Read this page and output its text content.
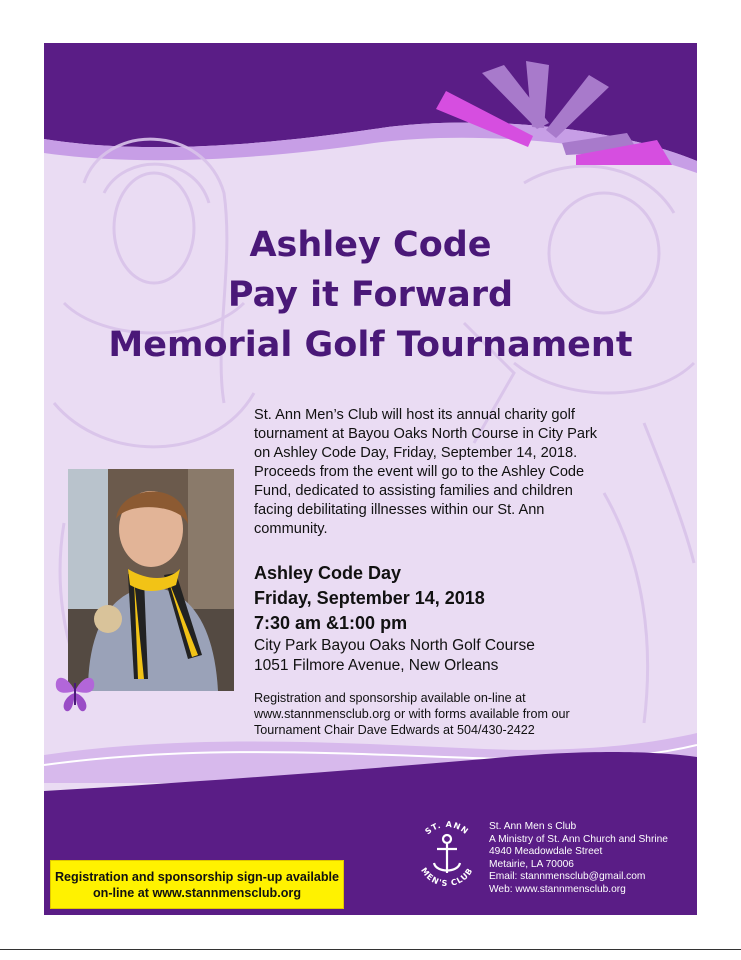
Ashley Code
Pay it Forward
Memorial Golf Tournament
St. Ann Men’s Club will host its annual charity golf
tournament at Bayou Oaks North Course in City Park
on Ashley Code Day, Friday, September 14, 2018.
Proceeds from the event will go to the Ashley Code
Fund, dedicated to assisting families and children
facing debilitating illnesses within our St. Ann
community.
Ashley Code Day
Friday, September 14, 2018
7:30 am &1:00 pm
City Park Bayou Oaks North Golf Course
1051 Filmore Avenue, New Orleans
Registration and sponsorship available on-line at
www.stannmensclub.org or with forms available from our
Tournament Chair Dave Edwards at 504/430-2422
ST. ANN
MEN'S CLUB
St. Ann Men s Club
A Ministry of St. Ann Church and Shrine
4940 Meadowdale Street
Metairie, LA 70006
Email: stannmensclub@gmail.com
Web: www.stannmensclub.org
Registration and sponsorship sign-up available
on-line at www.stannmensclub.org
